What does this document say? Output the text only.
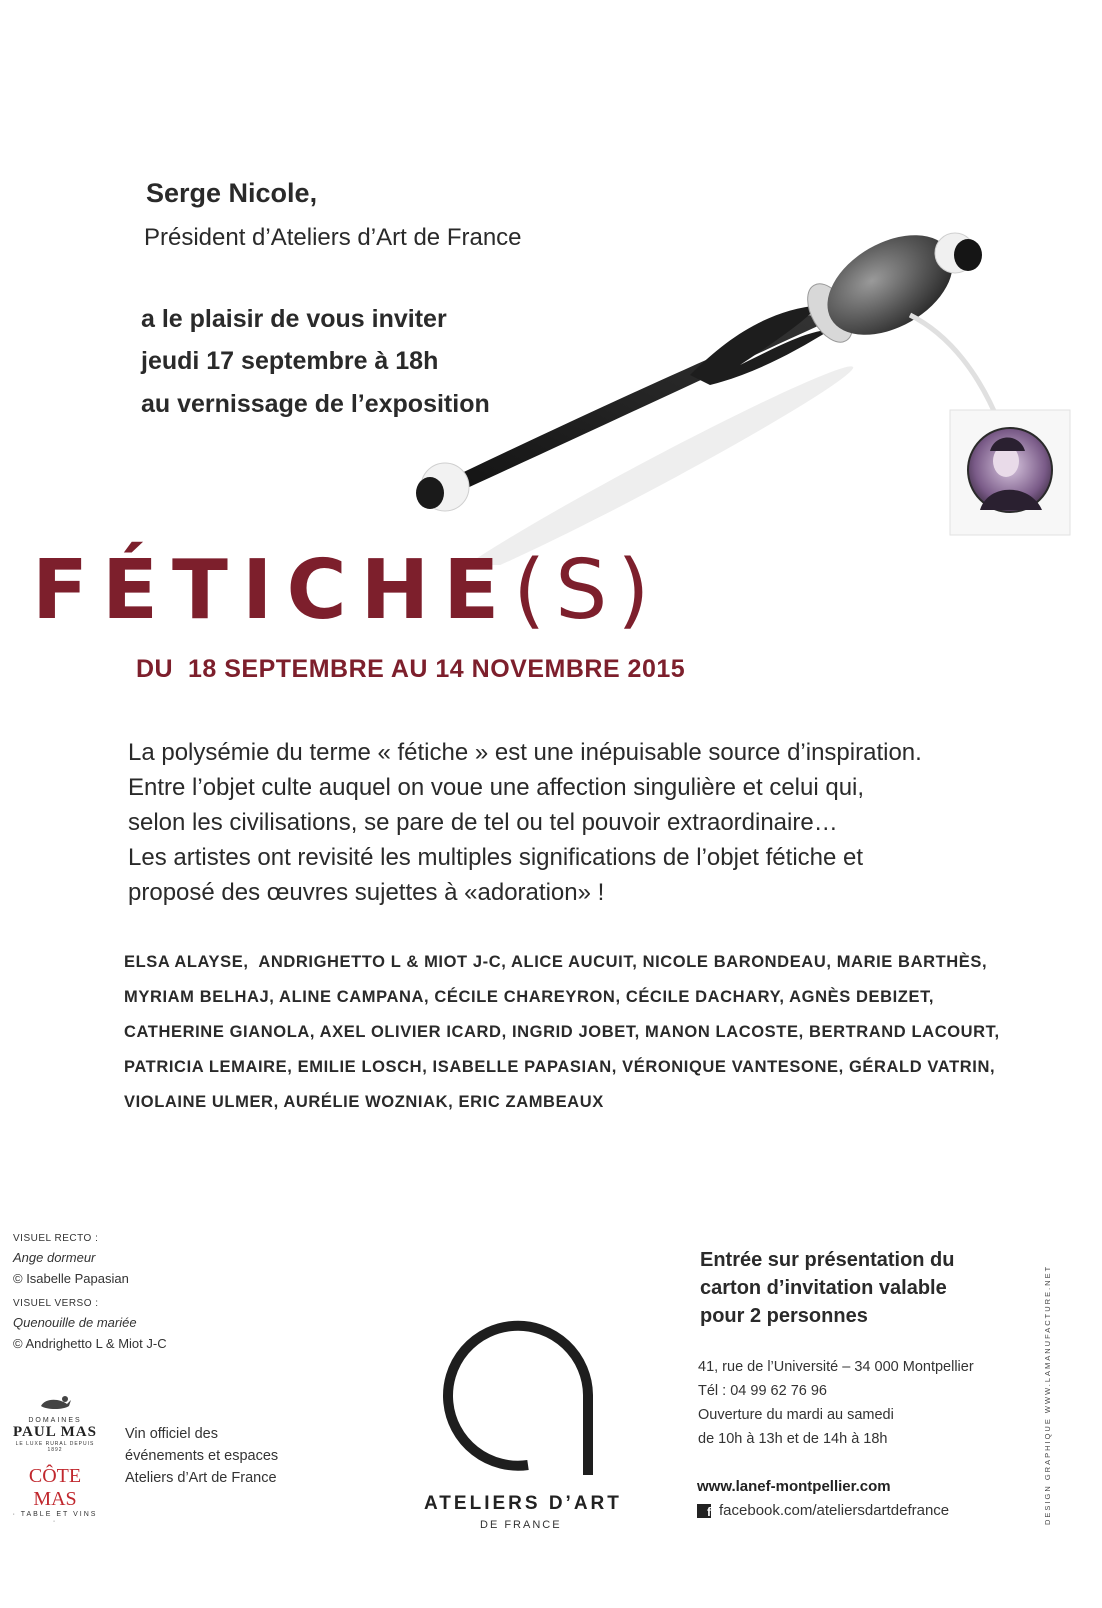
Serge Nicole,
Président d’Ateliers d’Art de France
a le plaisir de vous inviter
jeudi 17 septembre à 18h
au vernissage de l’exposition
FÉTICHE(S)
DU  18 SEPTEMBRE AU 14 NOVEMBRE 2015

La polysémie du terme « fétiche » est une inépuisable source d’inspiration.

Entre l’objet culte auquel on voue une affection singulière et celui qui,

selon les civilisations, se pare de tel ou tel pouvoir extraordinaire…

Les artistes ont revisité les multiples significations de l’objet fétiche et

proposé des œuvres sujettes à «adoration» !

ELSA ALAYSE,  ANDRIGHETTO L & MIOT J-C, ALICE AUCUIT, NICOLE BARONDEAU, MARIE BARTHÈS,

MYRIAM BELHAJ, ALINE CAMPANA, CÉCILE CHAREYRON, CÉCILE DACHARY, AGNÈS DEBIZET,

CATHERINE GIANOLA, AXEL OLIVIER ICARD, INGRID JOBET, MANON LACOSTE, BERTRAND LACOURT,

PATRICIA LEMAIRE, EMILIE LOSCH, ISABELLE PAPASIAN, VÉRONIQUE VANTESONE, GÉRALD VATRIN,

VIOLAINE ULMER, AURÉLIE WOZNIAK, ERIC ZAMBEAUX

VISUEL RECTO :

Ange dormeur

© Isabelle Papasian

VISUEL VERSO :

Quenouille de mariée

© Andrighetto L & Miot J-C

DOMAINES
PAUL MAS
LE LUXE RURAL DEPUIS 1892
CÔTE MAS
· TABLE ET VINS ·
Vin officiel des événements et espaces Ateliers d’Art de France
ATELIERS D’ART
DE FRANCE
Entrée sur présentation du carton d’invitation valable pour 2 personnes

41, rue de l’Université – 34 000 Montpellier

Tél : 04 99 62 76 96

Ouverture du mardi au samedi

de 10h à 13h et de 14h à 18h

www.lanef-montpellier.com
f facebook.com/ateliersdartdefrance	DESIGN GRAPHIQUE WWW.LAMANUFACTURE.NET
